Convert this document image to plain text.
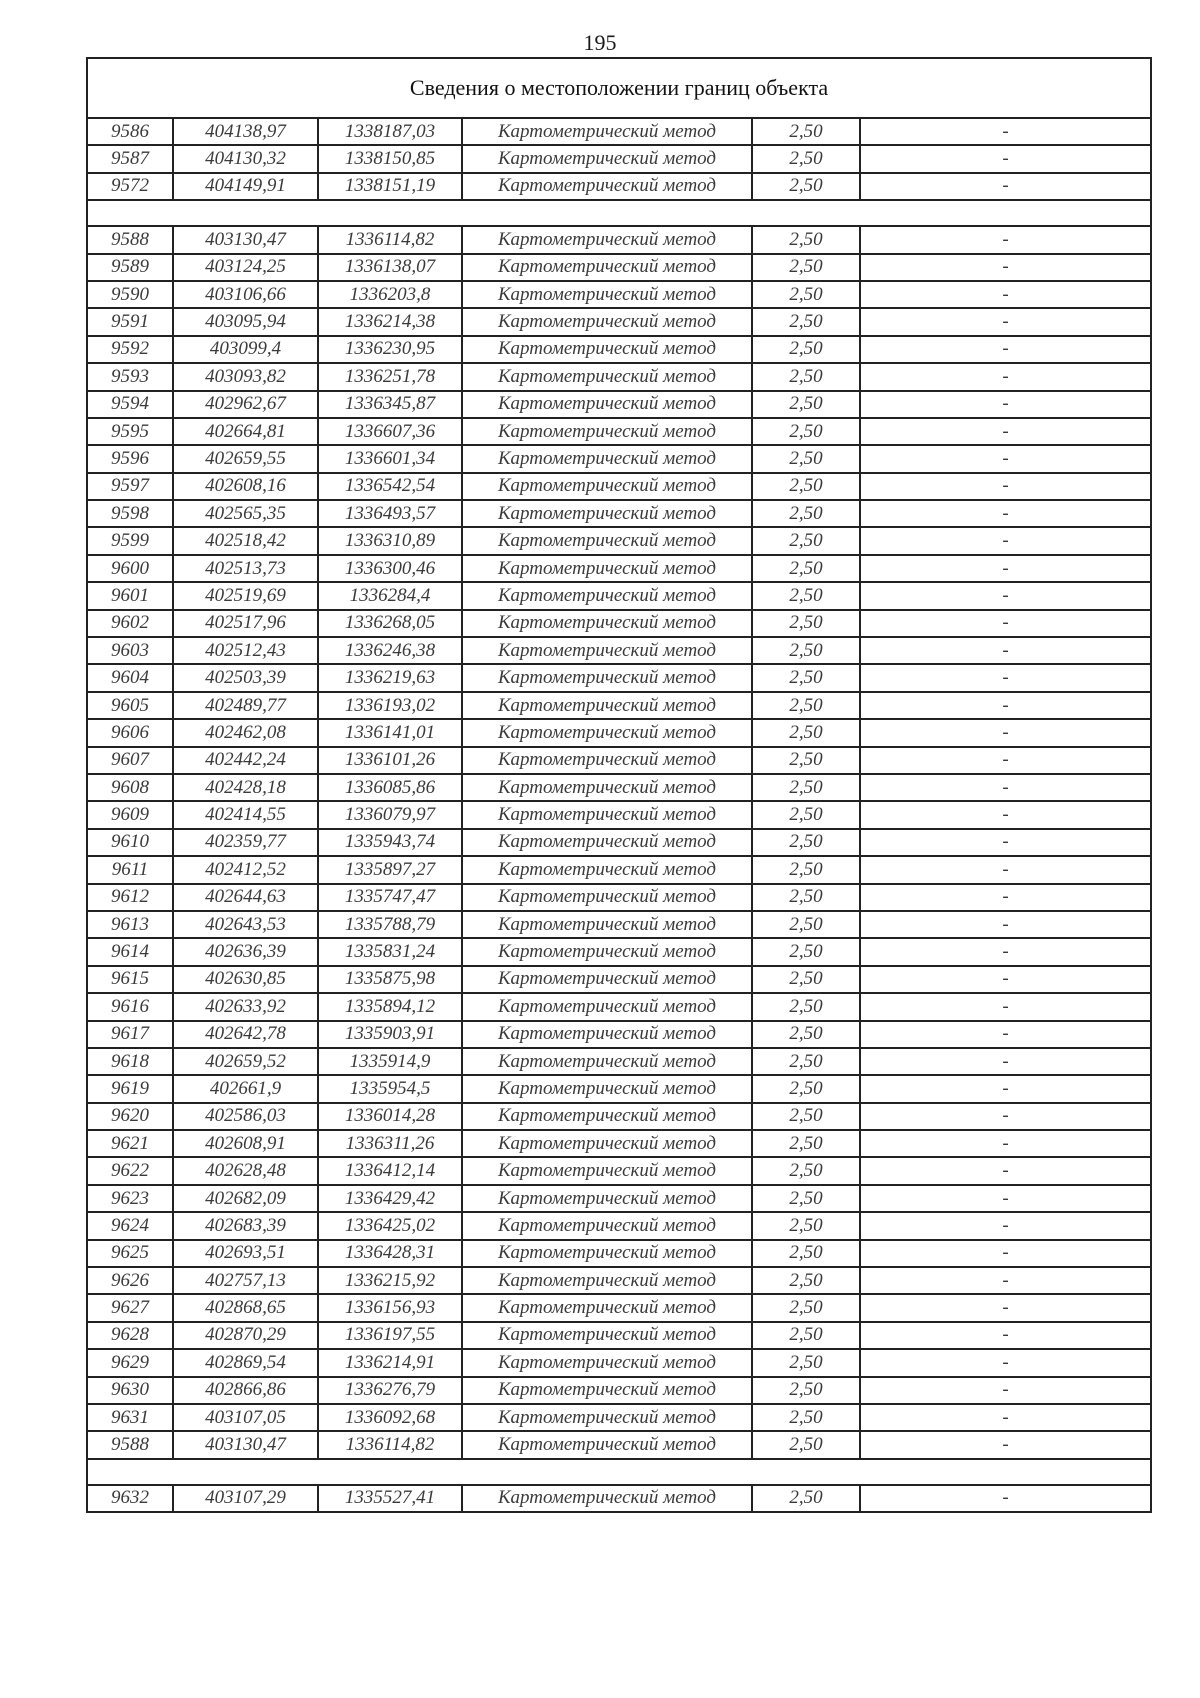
195
Сведения о местоположении границ объекта					
9586	404138,97	1338187,03	Картометрический метод	2,50	-
9587	404130,32	1338150,85	Картометрический метод	2,50	-
9572	404149,91	1338151,19	Картометрический метод	2,50	-

9588	403130,47	1336114,82	Картометрический метод	2,50	-
9589	403124,25	1336138,07	Картометрический метод	2,50	-
9590	403106,66	1336203,8	Картометрический метод	2,50	-
9591	403095,94	1336214,38	Картометрический метод	2,50	-
9592	403099,4	1336230,95	Картометрический метод	2,50	-
9593	403093,82	1336251,78	Картометрический метод	2,50	-
9594	402962,67	1336345,87	Картометрический метод	2,50	-
9595	402664,81	1336607,36	Картометрический метод	2,50	-
9596	402659,55	1336601,34	Картометрический метод	2,50	-
9597	402608,16	1336542,54	Картометрический метод	2,50	-
9598	402565,35	1336493,57	Картометрический метод	2,50	-
9599	402518,42	1336310,89	Картометрический метод	2,50	-
9600	402513,73	1336300,46	Картометрический метод	2,50	-
9601	402519,69	1336284,4	Картометрический метод	2,50	-
9602	402517,96	1336268,05	Картометрический метод	2,50	-
9603	402512,43	1336246,38	Картометрический метод	2,50	-
9604	402503,39	1336219,63	Картометрический метод	2,50	-
9605	402489,77	1336193,02	Картометрический метод	2,50	-
9606	402462,08	1336141,01	Картометрический метод	2,50	-
9607	402442,24	1336101,26	Картометрический метод	2,50	-
9608	402428,18	1336085,86	Картометрический метод	2,50	-
9609	402414,55	1336079,97	Картометрический метод	2,50	-
9610	402359,77	1335943,74	Картометрический метод	2,50	-
9611	402412,52	1335897,27	Картометрический метод	2,50	-
9612	402644,63	1335747,47	Картометрический метод	2,50	-
9613	402643,53	1335788,79	Картометрический метод	2,50	-
9614	402636,39	1335831,24	Картометрический метод	2,50	-
9615	402630,85	1335875,98	Картометрический метод	2,50	-
9616	402633,92	1335894,12	Картометрический метод	2,50	-
9617	402642,78	1335903,91	Картометрический метод	2,50	-
9618	402659,52	1335914,9	Картометрический метод	2,50	-
9619	402661,9	1335954,5	Картометрический метод	2,50	-
9620	402586,03	1336014,28	Картометрический метод	2,50	-
9621	402608,91	1336311,26	Картометрический метод	2,50	-
9622	402628,48	1336412,14	Картометрический метод	2,50	-
9623	402682,09	1336429,42	Картометрический метод	2,50	-
9624	402683,39	1336425,02	Картометрический метод	2,50	-
9625	402693,51	1336428,31	Картометрический метод	2,50	-
9626	402757,13	1336215,92	Картометрический метод	2,50	-
9627	402868,65	1336156,93	Картометрический метод	2,50	-
9628	402870,29	1336197,55	Картометрический метод	2,50	-
9629	402869,54	1336214,91	Картометрический метод	2,50	-
9630	402866,86	1336276,79	Картометрический метод	2,50	-
9631	403107,05	1336092,68	Картометрический метод	2,50	-
9588	403130,47	1336114,82	Картометрический метод	2,50	-

9632	403107,29	1335527,41	Картометрический метод	2,50	-
